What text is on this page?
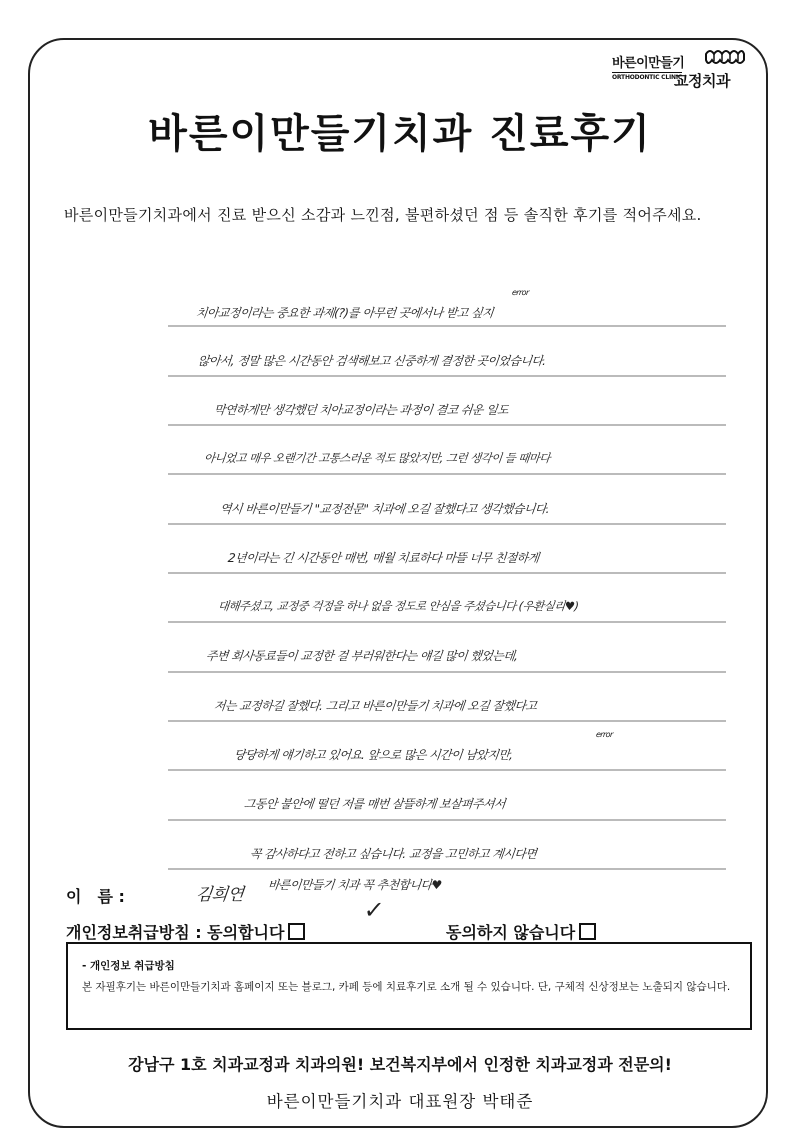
바른이만들기
ORTHODONTIC CLINIC
교정치과
바른이만들기치과 진료후기
바른이만들기치과에서 진료 받으신 소감과 느낀점, 불편하셨던 점 등 솔직한 후기를 적어주세요.
치아교정이라는 중요한 과제(?)를 아무런 곳에서나 받고 싶지
error
않아서, 정말 많은 시간동안 검색해보고 신중하게 결정한 곳이었습니다.
막연하게만 생각했던 치아교정이라는 과정이 결코 쉬운 일도
아니었고 매우 오랜기간 고통스러운 적도 많았지만, 그런 생각이 들 때마다
역시 바른이만들기 "교정전문" 치과에 오길 잘했다고 생각했습니다.
2년이라는 긴 시간동안 매번, 매월 치료하다 마뜰 너무 친절하게
대해주셨고, 교정중 걱정을 하나 없을 정도로 안심을 주셨습니다 (우환실리♥)
주변 회사동료들이 교정한 걸 부러워한다는 얘길 많이 했었는데,
저는 교정하길 잘했다. 그리고 바른이만들기 치과에 오길 잘했다고
당당하게 얘기하고 있어요. 앞으로 많은 시간이 남았지만,
error
그동안 불안에 떨던 저를 매번 살뜰하게 보살펴주셔서
꼭 감사하다고 전하고 싶습니다. 교정을 고민하고 계시다면
바른이만들기 치과 꼭 추천합니다♥
이　름 :	김희연
개인정보취급방침 : 동의합니다
✓
동의하지 않습니다
- 개인정보 취급방침
본 자필후기는 바른이만들기치과 홈페이지 또는 블로그, 카페 등에 치료후기로 소개 될 수 있습니다. 단, 구체적 신상정보는 노출되지 않습니다.
강남구 1호 치과교정과 치과의원! 보건복지부에서 인정한 치과교정과 전문의!
바른이만들기치과 대표원장 박태준
